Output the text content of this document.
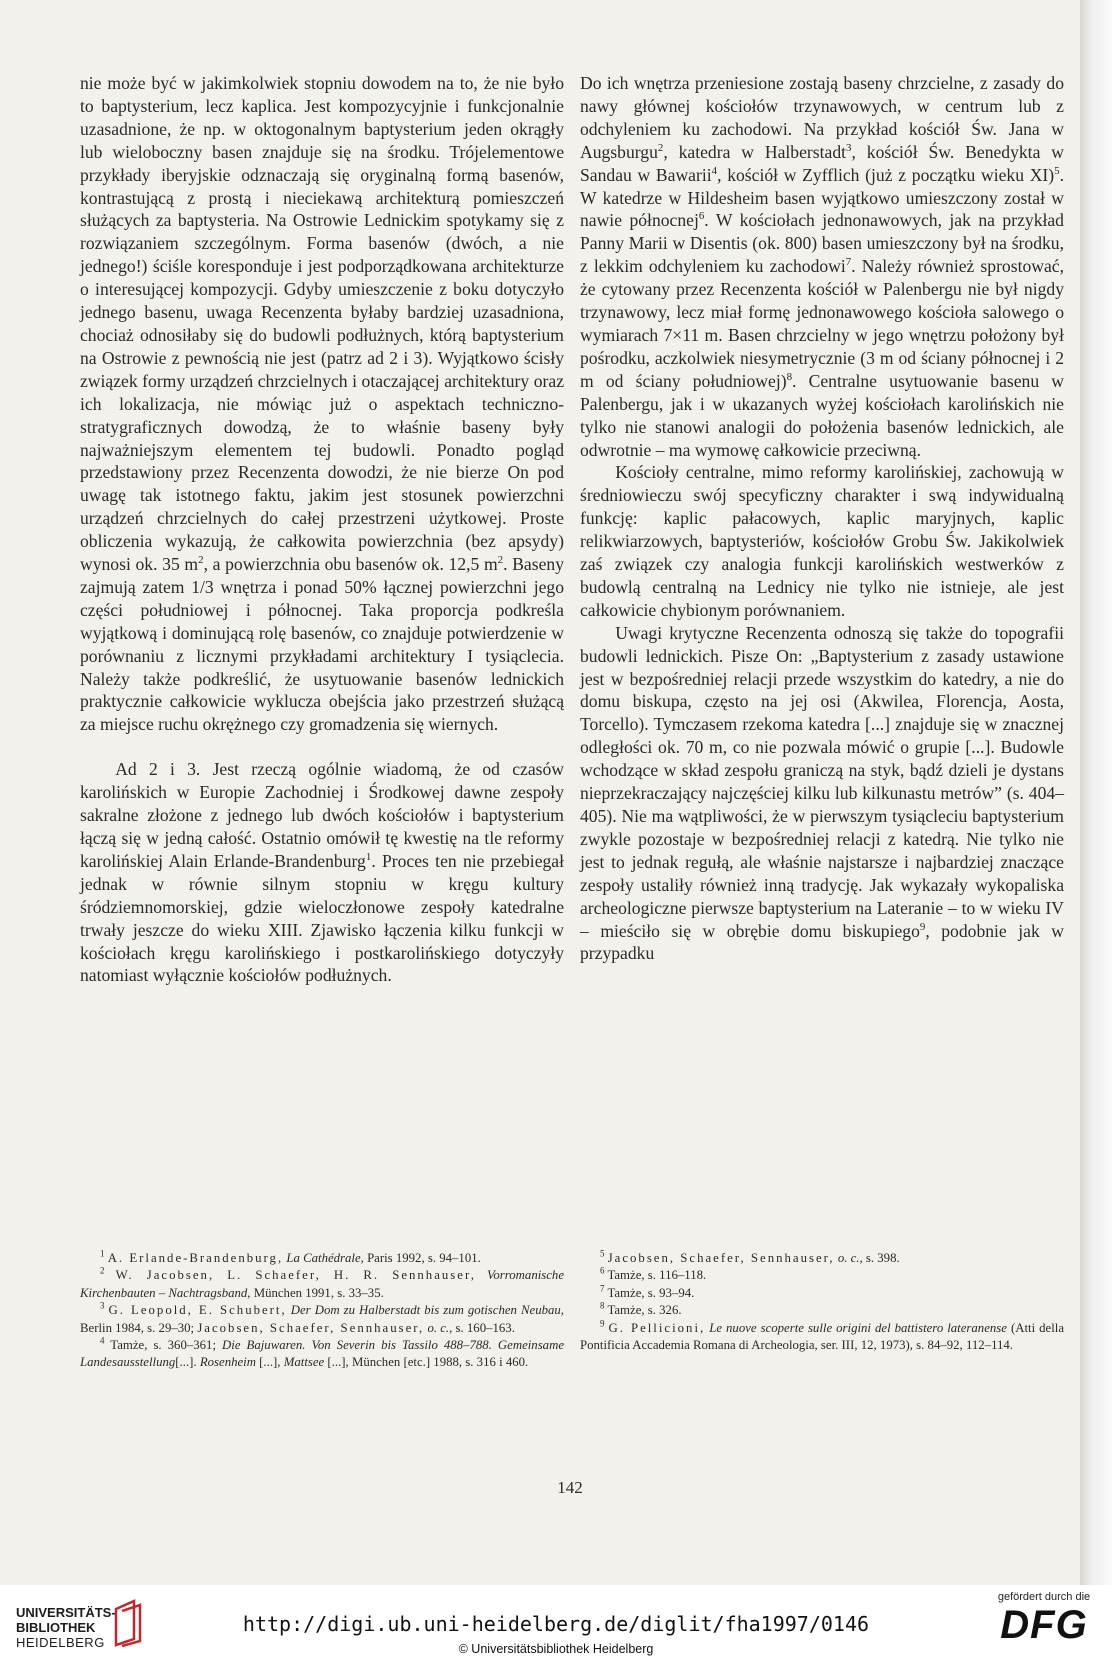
nie może być w jakimkolwiek stopniu dowodem na to, że nie było to baptysterium, lecz kaplica. Jest kompozycyjnie i funkcjonalnie uzasadnione, że np. w oktogonalnym baptysterium jeden okrągły lub wieloboczny basen znajduje się na środku. Trójelementowe przykłady iberyjskie odznaczają się oryginalną formą basenów, kontrastującą z prostą i nieciekawą architekturą pomieszczeń służących za baptysteria. Na Ostrowie Lednickim spotykamy się z rozwiązaniem szczególnym. Forma basenów (dwóch, a nie jednego!) ściśle koresponduje i jest podporządkowana architekturze o interesującej kompozycji. Gdyby umieszczenie z boku dotyczyło jednego basenu, uwaga Recenzenta byłaby bardziej uzasadniona, chociaż odnosiłaby się do budowli podłużnych, którą baptysterium na Ostrowie z pewnością nie jest (patrz ad 2 i 3). Wyjątkowo ścisły związek formy urządzeń chrzcielnych i otaczającej architektury oraz ich lokalizacja, nie mówiąc już o aspektach techniczno-stratygraficznych dowodzą, że to właśnie baseny były najważniejszym elementem tej budowli. Ponadto pogląd przedstawiony przez Recenzenta dowodzi, że nie bierze On pod uwagę tak istotnego faktu, jakim jest stosunek powierzchni urządzeń chrzcielnych do całej przestrzeni użytkowej. Proste obliczenia wykazują, że całkowita powierzchnia (bez apsydy) wynosi ok. 35 $m^2$, a powierzchnia obu basenów ok. 12,5 $m^2$. Baseny zajmują zatem 1/3 wnętrza i ponad 50% łącznej powierzchni jego części południowej i północnej. Taka proporcja podkreśla wyjątkową i dominującą rolę basenów, co znajduje potwierdzenie w porównaniu z licznymi przykładami architektury I tysiąclecia. Należy także podkreślić, że usytuowanie basenów lednickich praktycznie całkowicie wyklucza obejścia jako przestrzeń służącą za miejsce ruchu okrężnego czy gromadzenia się wiernych.

Ad 2 i 3. Jest rzeczą ogólnie wiadomą, że od czasów karolińskich w Europie Zachodniej i Środkowej dawne zespoły sakralne złożone z jednego lub dwóch kościołów i baptysterium łączą się w jedną całość. Ostatnio omówił tę kwestię na tle reformy karolińskiej Alain Erlande-Brandenburg$^1$. Proces ten nie przebiegał jednak w równie silnym stopniu w kręgu kultury śródziemnomorskiej, gdzie wieloczłonowe zespoły katedralne trwały jeszcze do wieku XIII. Zjawisko łączenia kilku funkcji w kościołach kręgu karolińskiego i postkarolińskiego dotyczyły natomiast wyłącznie kościołów podłużnych.

Do ich wnętrza przeniesione zostają baseny chrzcielne, z zasady do nawy głównej kościołów trzynawowych, w centrum lub z odchyleniem ku zachodowi. Na przykład kościół Św. Jana w Augsburgu$^2$, katedra w Halberstadt$^3$, kościół Św. Benedykta w Sandau w Bawarii$^4$, kościół w Zyfflich (już z początku wieku XI)$^5$. W katedrze w Hildesheim basen wyjątkowo umieszczony został w nawie północnej$^6$. W kościołach jednonawowych, jak na przykład Panny Marii w Disentis (ok. 800) basen umieszczony był na środku, z lekkim odchyleniem ku zachodowi$^7$. Należy również sprostować, że cytowany przez Recenzenta kościół w Palenbergu nie był nigdy trzynawowy, lecz miał formę jednonawowego kościoła salowego o wymiarach 7×11 m. Basen chrzcielny w jego wnętrzu położony był pośrodku, aczkolwiek niesymetrycznie (3 m od ściany północnej i 2 m od ściany południowej)$^8$. Centralne usytuowanie basenu w Palenbergu, jak i w ukazanych wyżej kościołach karolińskich nie tylko nie stanowi analogii do położenia basenów lednickich, ale odwrotnie – ma wymowę całkowicie przeciwną.

Kościoły centralne, mimo reformy karolińskiej, zachowują w średniowieczu swój specyficzny charakter i swą indywidualną funkcję: kaplic pałacowych, kaplic maryjnych, kaplic relikwiarzowych, baptysteriów, kościołów Grobu Św. Jakikolwiek zaś związek czy analogia funkcji karolińskich westwerków z budowlą centralną na Lednicy nie tylko nie istnieje, ale jest całkowicie chybionym porównaniem.

Uwagi krytyczne Recenzenta odnoszą się także do topografii budowli lednickich. Pisze On: „Baptysterium z zasady ustawione jest w bezpośredniej relacji przede wszystkim do katedry, a nie do domu biskupa, często na jej osi (Akwilea, Florencja, Aosta, Torcello). Tymczasem rzekoma katedra [...] znajduje się w znacznej odległości ok. 70 m, co nie pozwala mówić o grupie [...]. Budowle wchodzące w skład zespołu graniczą na styk, bądź dzieli je dystans nieprzekraczający najczęściej kilku lub kilkunastu metrów” (s. 404–405). Nie ma wątpliwości, że w pierwszym tysiącleciu baptysterium zwykle pozostaje w bezpośredniej relacji z katedrą. Nie tylko nie jest to jednak regułą, ale właśnie najstarsze i najbardziej znaczące zespoły ustaliły również inną tradycję. Jak wykazały wykopaliska archeologiczne pierwsze baptysterium na Lateranie – to w wieku IV – mieściło się w obrębie domu biskupiego$^9$, podobnie jak w przypadku

$^1$ A. Erlande-Brandenburg, La Cathédrale, Paris 1992, s. 94–101.

$^2$ W. Jacobsen, L. Schaefer, H. R. Sennhauser, Vorromanische Kirchenbauten – Nachtragsband, München 1991, s. 33–35.

$^3$ G. Leopold, E. Schubert, Der Dom zu Halberstadt bis zum gotischen Neubau, Berlin 1984, s. 29–30; Jacobsen, Schaefer, Sennhauser, o. c., s. 160–163.

$^4$ Tamże, s. 360–361; Die Bajuwaren. Von Severin bis Tassilo 488–788. Gemeinsame Landesausstellung[...]. Rosenheim [...], Mattsee [...], München [etc.] 1988, s. 316 i 460.

$^5$ Jacobsen, Schaefer, Sennhauser, o. c., s. 398.

$^6$ Tamże, s. 116–118.

$^7$ Tamże, s. 93–94.

$^8$ Tamże, s. 326.

$^9$ G. Pellicioni, Le nuove scoperte sulle origini del battistero lateranense (Atti della Pontificia Accademia Romana di Archeologia, ser. III, 12, 1973), s. 84–92, 112–114.

142
UNIVERSITÄTS-
BIBLIOTHEK
HEIDELBERG
http://digi.ub.uni-heidelberg.de/diglit/fha1997/0146
© Universitätsbibliothek Heidelberg
gefördert durch die
DFG
